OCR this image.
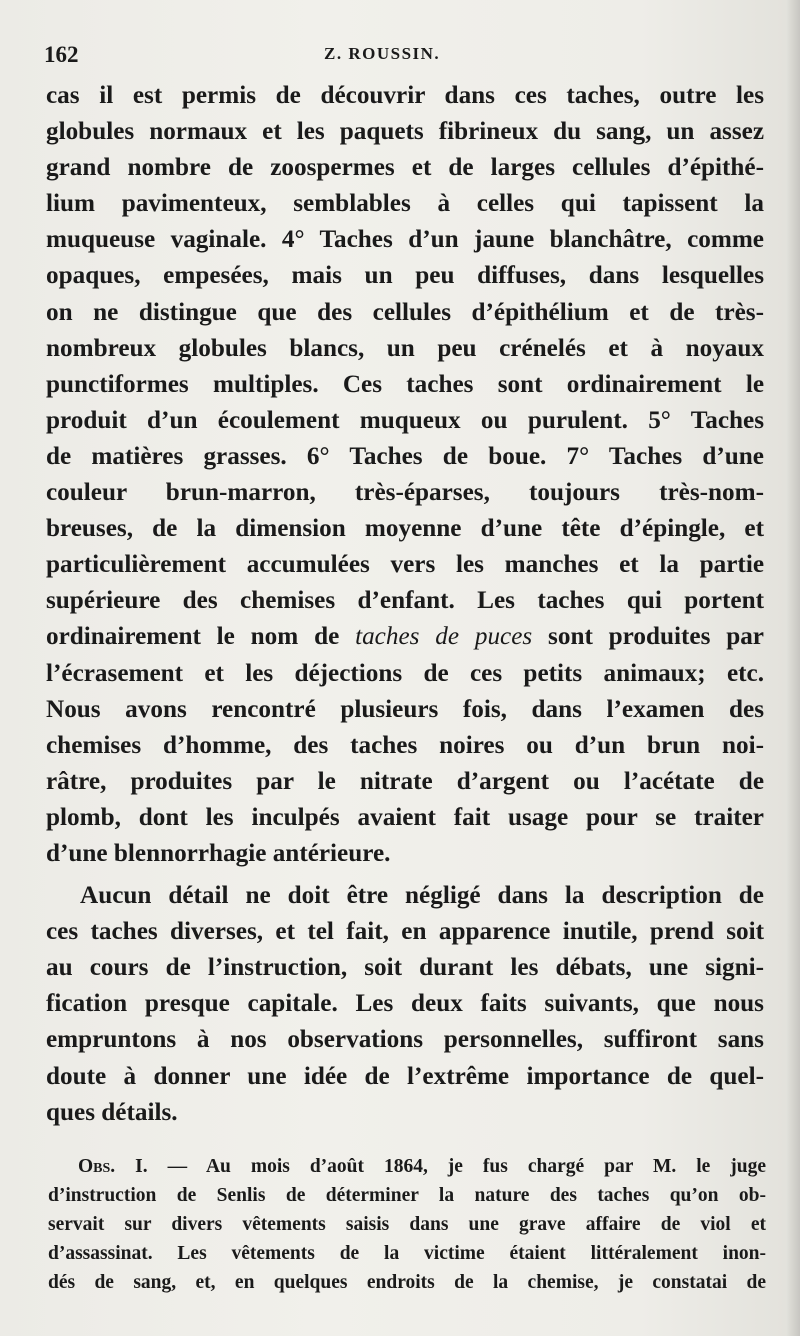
162	Z. ROUSSIN.
cas il est permis de découvrir dans ces taches, outre les
globules normaux et les paquets fibrineux du sang, un assez
grand nombre de zoospermes et de larges cellules d’épithé-
lium pavimenteux, semblables à celles qui tapissent la
muqueuse vaginale. 4° Taches d’un jaune blanchâtre, comme
opaques, empesées, mais un peu diffuses, dans lesquelles
on ne distingue que des cellules d’épithélium et de très-
nombreux globules blancs, un peu crénelés et à noyaux
punctiformes multiples. Ces taches sont ordinairement le
produit d’un écoulement muqueux ou purulent. 5° Taches
de matières grasses. 6° Taches de boue. 7° Taches d’une
couleur brun-marron, très-éparses, toujours très-nom-
breuses, de la dimension moyenne d’une tête d’épingle, et
particulièrement accumulées vers les manches et la partie
supérieure des chemises d’enfant. Les taches qui portent
ordinairement le nom de taches de puces sont produites par
l’écrasement et les déjections de ces petits animaux; etc.
Nous avons rencontré plusieurs fois, dans l’examen des
chemises d’homme, des taches noires ou d’un brun noi-
râtre, produites par le nitrate d’argent ou l’acétate de
plomb, dont les inculpés avaient fait usage pour se traiter
d’une blennorrhagie antérieure.
Aucun détail ne doit être négligé dans la description de
ces taches diverses, et tel fait, en apparence inutile, prend soit
au cours de l’instruction, soit durant les débats, une signi-
fication presque capitale. Les deux faits suivants, que nous
empruntons à nos observations personnelles, suffiront sans
doute à donner une idée de l’extrême importance de quel-
ques détails.
Obs. I. — Au mois d’août 1864, je fus chargé par M. le juge
d’instruction de Senlis de déterminer la nature des taches qu’on ob-
servait sur divers vêtements saisis dans une grave affaire de viol et
d’assassinat. Les vêtements de la victime étaient littéralement inon-
dés de sang, et, en quelques endroits de la chemise, je constatai de
